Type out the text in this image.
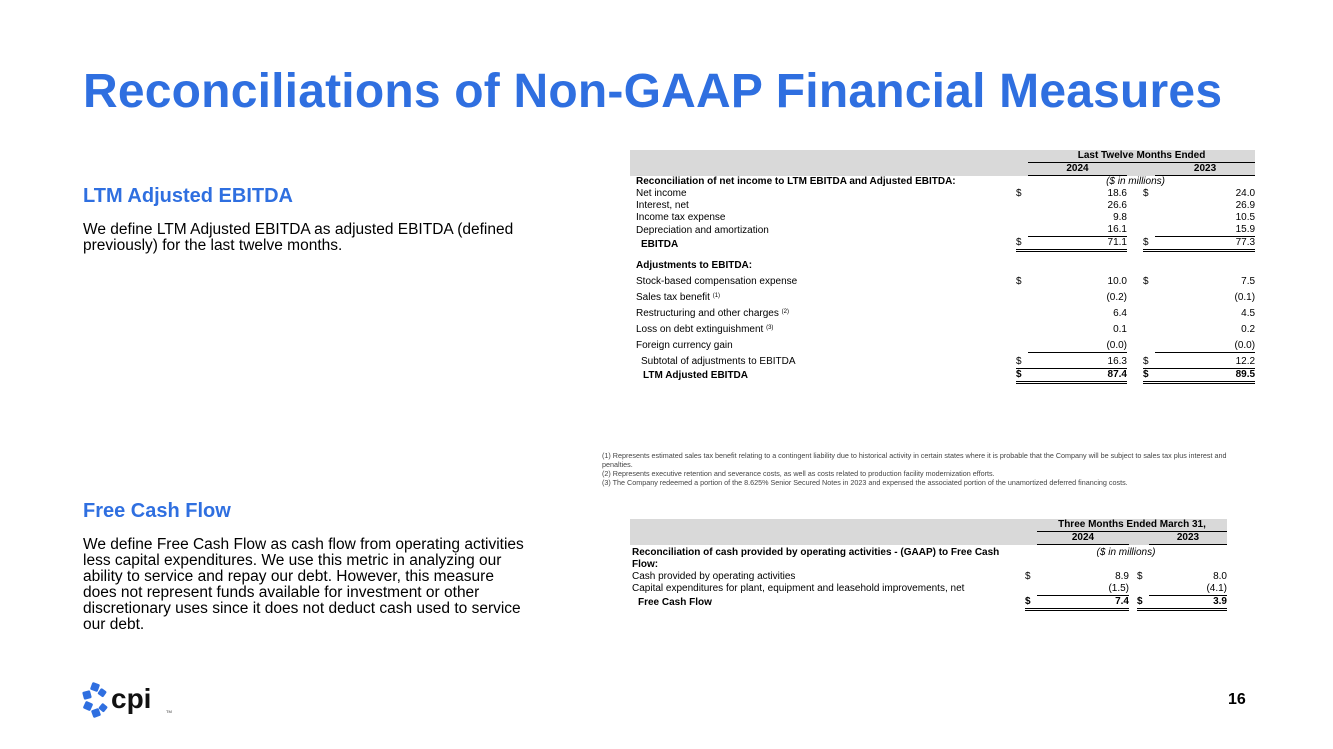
Reconciliations of Non-GAAP Financial Measures
LTM Adjusted EBITDA

We define LTM Adjusted EBITDA as adjusted EBITDA (defined previously) for the last twelve months.

Free Cash Flow

We define Free Cash Flow as cash flow from operating activities less capital expenditures. We use this metric in analyzing our ability to service and repay our debt. However, this measure does not represent funds available for investment or other discretionary uses since it does not deduct cash used to service our debt.

		Last Twelve Months Ended			
		2024			2023
Reconciliation of net income to LTM EBITDA and Adjusted EBITDA:	($ in millions)				
Net income	$	18.6		$	24.0
Interest, net		26.6			26.9
Income tax expense		9.8			10.5
Depreciation and amortization		16.1			15.9
EBITDA	$	71.1		$	77.3

Adjustments to EBITDA:					
Stock-based compensation expense	$	10.0		$	7.5
Sales tax benefit $^{(1)}$		(0.2)			(0.1)
Restructuring and other charges $^{(2)}$		6.4			4.5
Loss on debt extinguishment $^{(3)}$		0.1			0.2
Foreign currency gain		(0.0)			(0.0)
Subtotal of adjustments to EBITDA	$	16.3		$	12.2
LTM Adjusted EBITDA	$	87.4		$	89.5
(1) Represents estimated sales tax benefit relating to a contingent liability due to historical activity in certain states where it is probable that the Company will be subject to sales tax plus interest and penalties.
(2) Represents executive retention and severance costs, as well as costs related to production facility modernization efforts.
(3) The Company redeemed a portion of the 8.625% Senior Secured Notes in 2023 and expensed the associated portion of the unamortized deferred financing costs.
		Three Months Ended March 31,			
		2024			2023
Reconciliation of cash provided by operating activities - (GAAP) to Free Cash Flow:	($ in millions)				
Cash provided by operating activities	$	8.9		$	8.0
Capital expenditures for plant, equipment and leasehold improvements, net		(1.5)			(4.1)
Free Cash Flow	$	7.4		$	3.9
cpi	TM
16
